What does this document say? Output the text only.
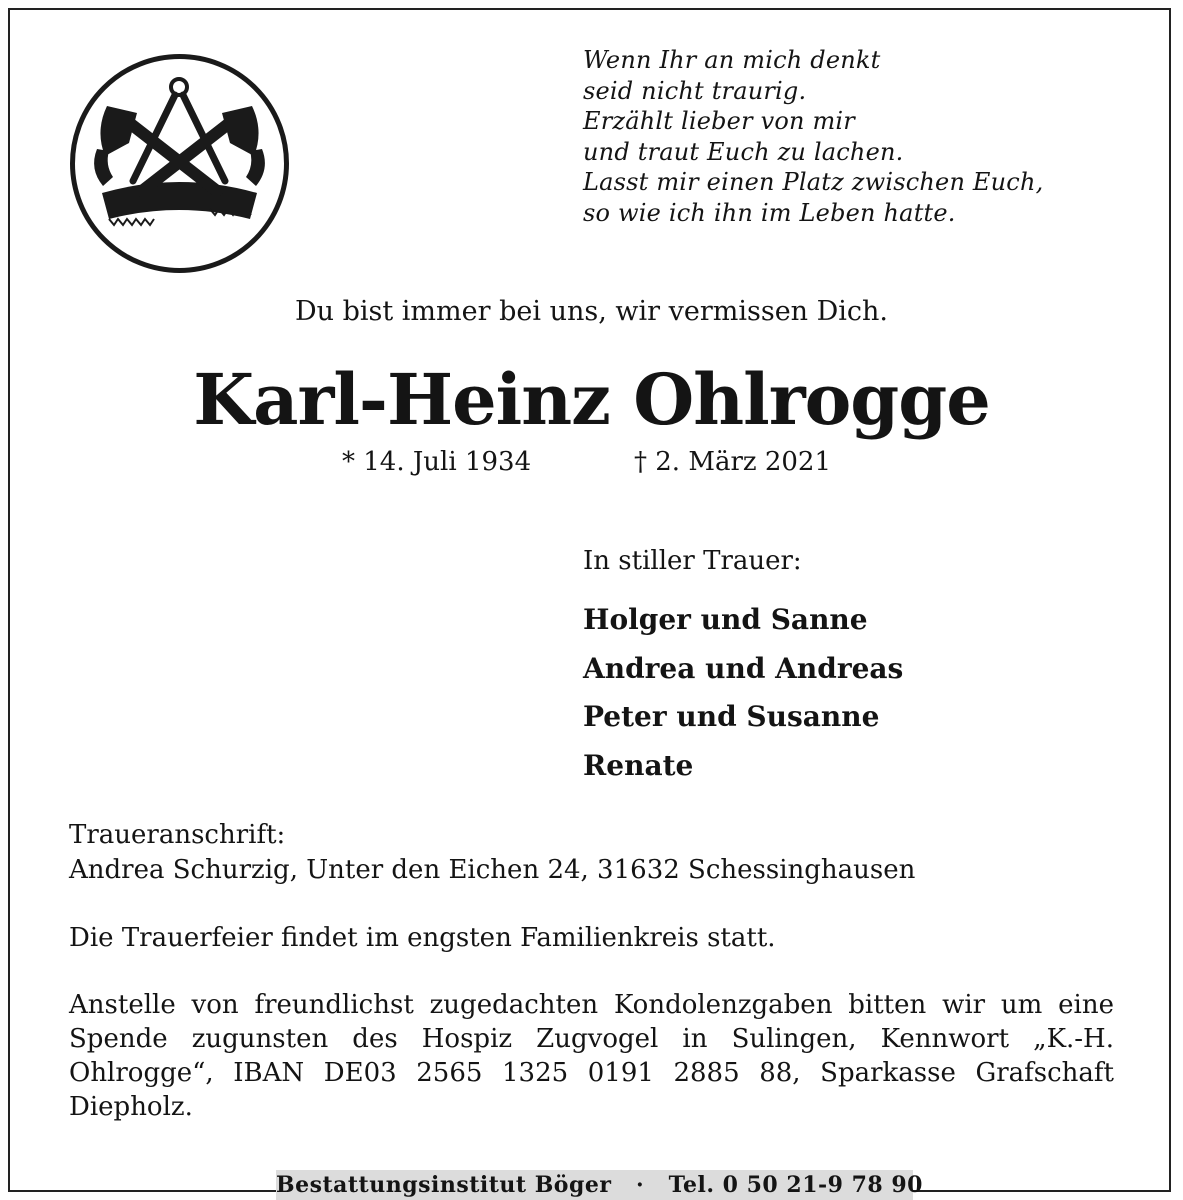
Wenn Ihr an mich denkt
seid nicht traurig.
Erzählt lieber von mir
und traut Euch zu lachen.
Lasst mir einen Platz zwischen Euch,
so wie ich ihn im Leben hatte.
Du bist immer bei uns, wir vermissen Dich.
Karl-Heinz Ohlrogge
* 14. Juli 1934	† 2. März 2021
In stiller Trauer:
Holger und Sanne
Andrea und Andreas
Peter und Susanne
Renate
Traueranschrift:
Andrea Schurzig, Unter den Eichen 24, 31632 Schessinghausen
Die Trauerfeier findet im engsten Familienkreis statt.
Anstelle von freundlichst zugedachten Kondolenzgaben bitten wir um eine Spende zugunsten des Hospiz Zugvogel in Sulingen, Kennwort „K.-H. Ohlrogge“, IBAN DE03 2565 1325 0191 2885 88, Sparkasse Grafschaft Diepholz.
Bestattungsinstitut Böger · Tel. 0 50 21-9 78 90
